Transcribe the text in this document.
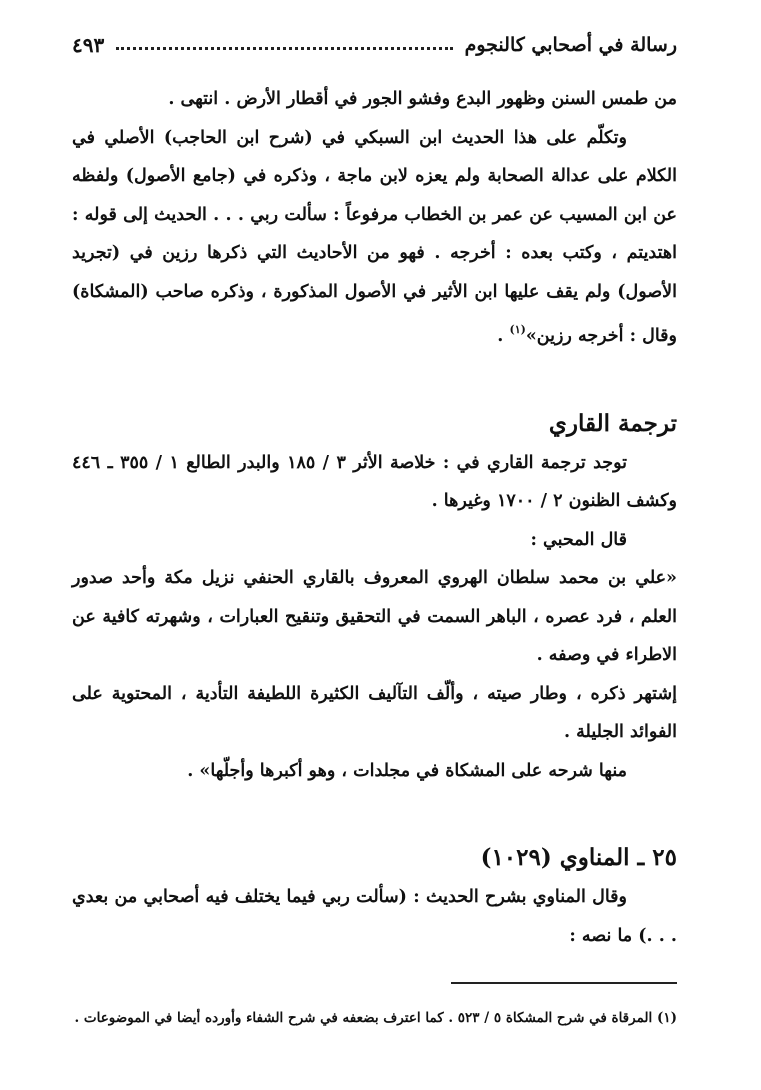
رسالة في أصحابي كالنجوم
٤٩٣

من طمس السنن وظهور البدع وفشو الجور في أقطار الأرض . انتهى .

وتكلّم على هذا الحديث ابن السبكي في (شرح ابن الحاجب) الأصلي في الكلام على عدالة الصحابة ولم يعزه لابن ماجة ، وذكره في (جامع الأصول) ولفظه عن ابن المسيب عن عمر بن الخطاب مرفوعاً : سألت ربي . . . الحديث إلى قوله : اهتديتم ، وكتب بعده : أخرجه . فهو من الأحاديث التي ذكرها رزين في (تجريد الأصول) ولم يقف عليها ابن الأثير في الأصول المذكورة ، وذكره صاحب (المشكاة) وقال : أخرجه رزين»$^{(١)}$ .

ترجمة القاري

توجد ترجمة القاري في : خلاصة الأثر ٣ / ١٨٥ والبدر الطالع ١ / ٣٥٥ ـ ٤٤٦ وكشف الظنون ٢ / ١٧٠٠ وغيرها .

قال المحبي :

«علي بن محمد سلطان الهروي المعروف بالقاري الحنفي نزيل مكة وأحد صدور العلم ، فرد عصره ، الباهر السمت في التحقيق وتنقيح العبارات ، وشهرته كافية عن الاطراء في وصفه .

إشتهر ذكره ، وطار صيته ، وألّف التآليف الكثيرة اللطيفة التأدية ، المحتوية على الفوائد الجليلة .

منها شرحه على المشكاة في مجلدات ، وهو أكبرها وأجلّها» .

٢٥ ـ المناوي (١٠٢٩)

وقال المناوي بشرح الحديث : (سألت ربي فيما يختلف فيه أصحابي من بعدي . . .) ما نصه :

(١) المرقاة في شرح المشكاة ٥ / ٥٢٣ . كما اعترف بضعفه في شرح الشفاء وأورده أيضا في الموضوعات .
